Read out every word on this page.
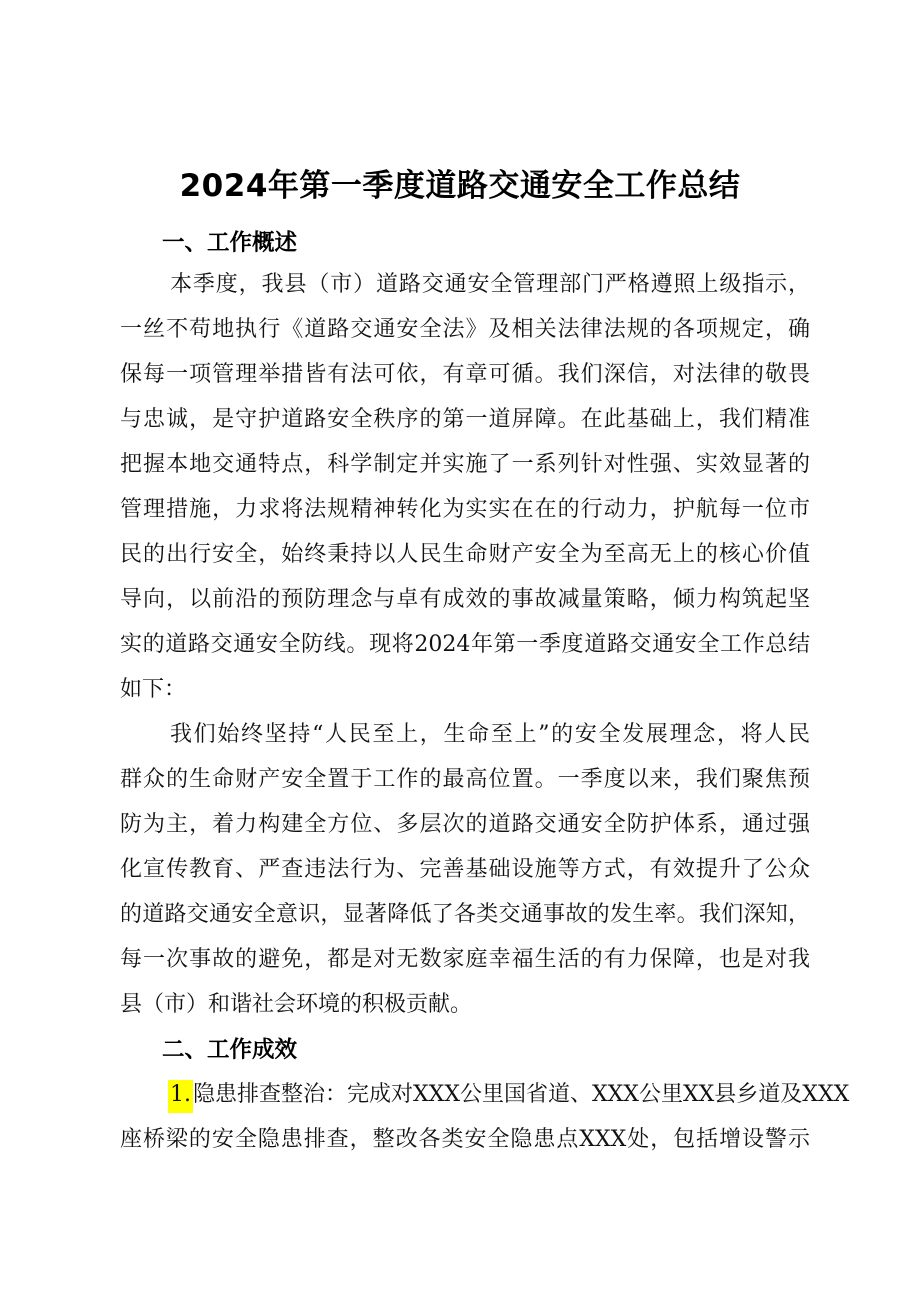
2024年第一季度道路交通安全工作总结
一、工作概述
本季度，我县（市）道路交通安全管理部门严格遵照上级指示，
一丝不苟地执行《道路交通安全法》及相关法律法规的各项规定，确
保每一项管理举措皆有法可依，有章可循。我们深信，对法律的敬畏
与忠诚，是守护道路安全秩序的第一道屏障。在此基础上，我们精准
把握本地交通特点，科学制定并实施了一系列针对性强、实效显著的
管理措施，力求将法规精神转化为实实在在的行动力，护航每一位市
民的出行安全，始终秉持以人民生命财产安全为至高无上的核心价值
导向，以前沿的预防理念与卓有成效的事故减量策略，倾力构筑起坚
实的道路交通安全防线。现将2024年第一季度道路交通安全工作总结
如下：
我们始终坚持“人民至上，生命至上”的安全发展理念，将人民
群众的生命财产安全置于工作的最高位置。一季度以来，我们聚焦预
防为主，着力构建全方位、多层次的道路交通安全防护体系，通过强
化宣传教育、严查违法行为、完善基础设施等方式，有效提升了公众
的道路交通安全意识，显著降低了各类交通事故的发生率。我们深知，
每一次事故的避免，都是对无数家庭幸福生活的有力保障，也是对我
县（市）和谐社会环境的积极贡献。
二、工作成效
1.隐患排查整治：完成对XXX公里国省道、XXX公里XX县乡道及XXX
座桥梁的安全隐患排查，整改各类安全隐患点XXX处，包括增设警示
